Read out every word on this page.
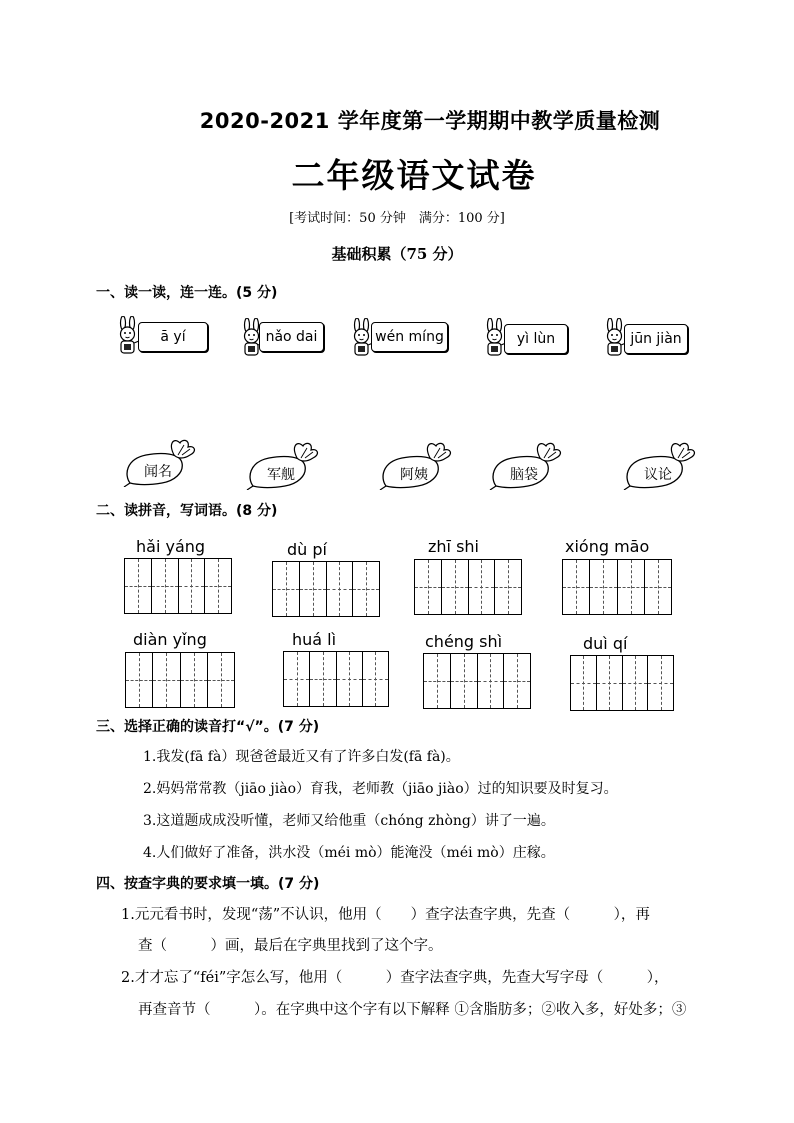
2020-2021 学年度第一学期期中教学质量检测
二年级语文试卷
[考试时间：50 分钟　满分：100 分]
基础积累（75 分）
一、读一读，连一连。(5 分)
ā yí	nǎo dai	wén míng	yì lùn	jūn jiàn
闻名	军舰	阿姨	脑袋	议论
二、读拼音，写词语。(8 分)
hǎi yáng	dù pí	zhī shi	xióng māo
diàn yǐng	huá lì	chéng shì	duì qí
三、选择正确的读音打“√”。(7 分)
1.我发(fā fà）现爸爸最近又有了许多白发(fā fà)。
2.妈妈常常教（jiāo jiào）育我，老师教（jiāo jiào）过的知识要及时复习。
3.这道题成成没听懂，老师又给他重（chóng zhòng）讲了一遍。
4.人们做好了准备，洪水没（méi mò）能淹没（méi mò）庄稼。
四、按查字典的要求填一填。(7 分)
1.元元看书时，发现“荡”不认识，他用（　　）查字法查字典，先查（　　　），再
查（　　　）画，最后在字典里找到了这个字。
2.才才忘了“féi”字怎么写，他用（　　　）查字法查字典，先查大写字母（　　　），
再查音节（　　　）。在字典中这个字有以下解释 ①含脂肪多；②收入多，好处多；③
